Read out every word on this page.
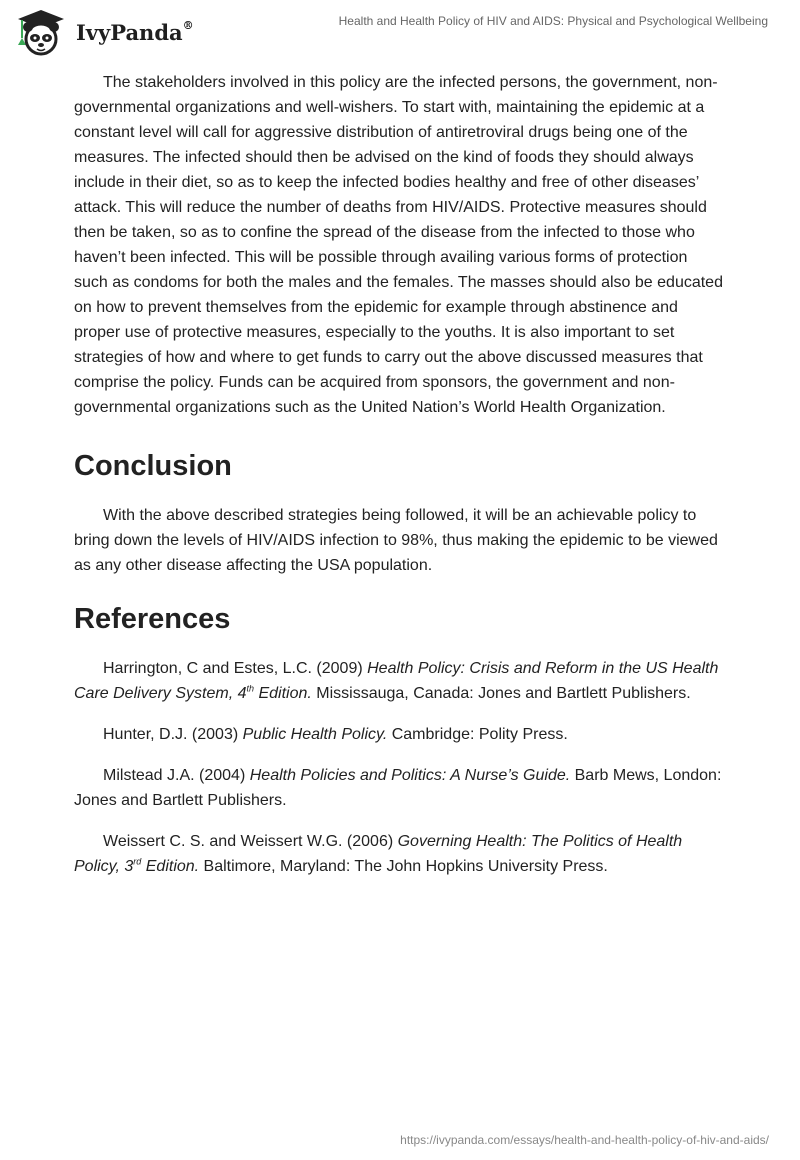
IvyPanda®	Health and Health Policy of HIV and AIDS: Physical and Psychological Wellbeing

The stakeholders involved in this policy are the infected persons, the government, non-governmental organizations and well-wishers. To start with, maintaining the epidemic at a constant level will call for aggressive distribution of antiretroviral drugs being one of the measures. The infected should then be advised on the kind of foods they should always include in their diet, so as to keep the infected bodies healthy and free of other diseases’ attack. This will reduce the number of deaths from HIV/AIDS. Protective measures should then be taken, so as to confine the spread of the disease from the infected to those who haven’t been infected. This will be possible through availing various forms of protection such as condoms for both the males and the females. The masses should also be educated on how to prevent themselves from the epidemic for example through abstinence and proper use of protective measures, especially to the youths. It is also important to set strategies of how and where to get funds to carry out the above discussed measures that comprise the policy. Funds can be acquired from sponsors, the government and non-governmental organizations such as the United Nation’s World Health Organization.

Conclusion

With the above described strategies being followed, it will be an achievable policy to bring down the levels of HIV/AIDS infection to 98%, thus making the epidemic to be viewed as any other disease affecting the USA population.

References

Harrington, C and Estes, L.C. (2009) Health Policy: Crisis and Reform in the US Health Care Delivery System, 4th Edition. Mississauga, Canada: Jones and Bartlett Publishers.

Hunter, D.J. (2003) Public Health Policy. Cambridge: Polity Press.

Milstead J.A. (2004) Health Policies and Politics: A Nurse’s Guide. Barb Mews, London: Jones and Bartlett Publishers.

Weissert C. S. and Weissert W.G. (2006) Governing Health: The Politics of Health Policy, 3rd Edition. Baltimore, Maryland: The John Hopkins University Press.

https://ivypanda.com/essays/health-and-health-policy-of-hiv-and-aids/
